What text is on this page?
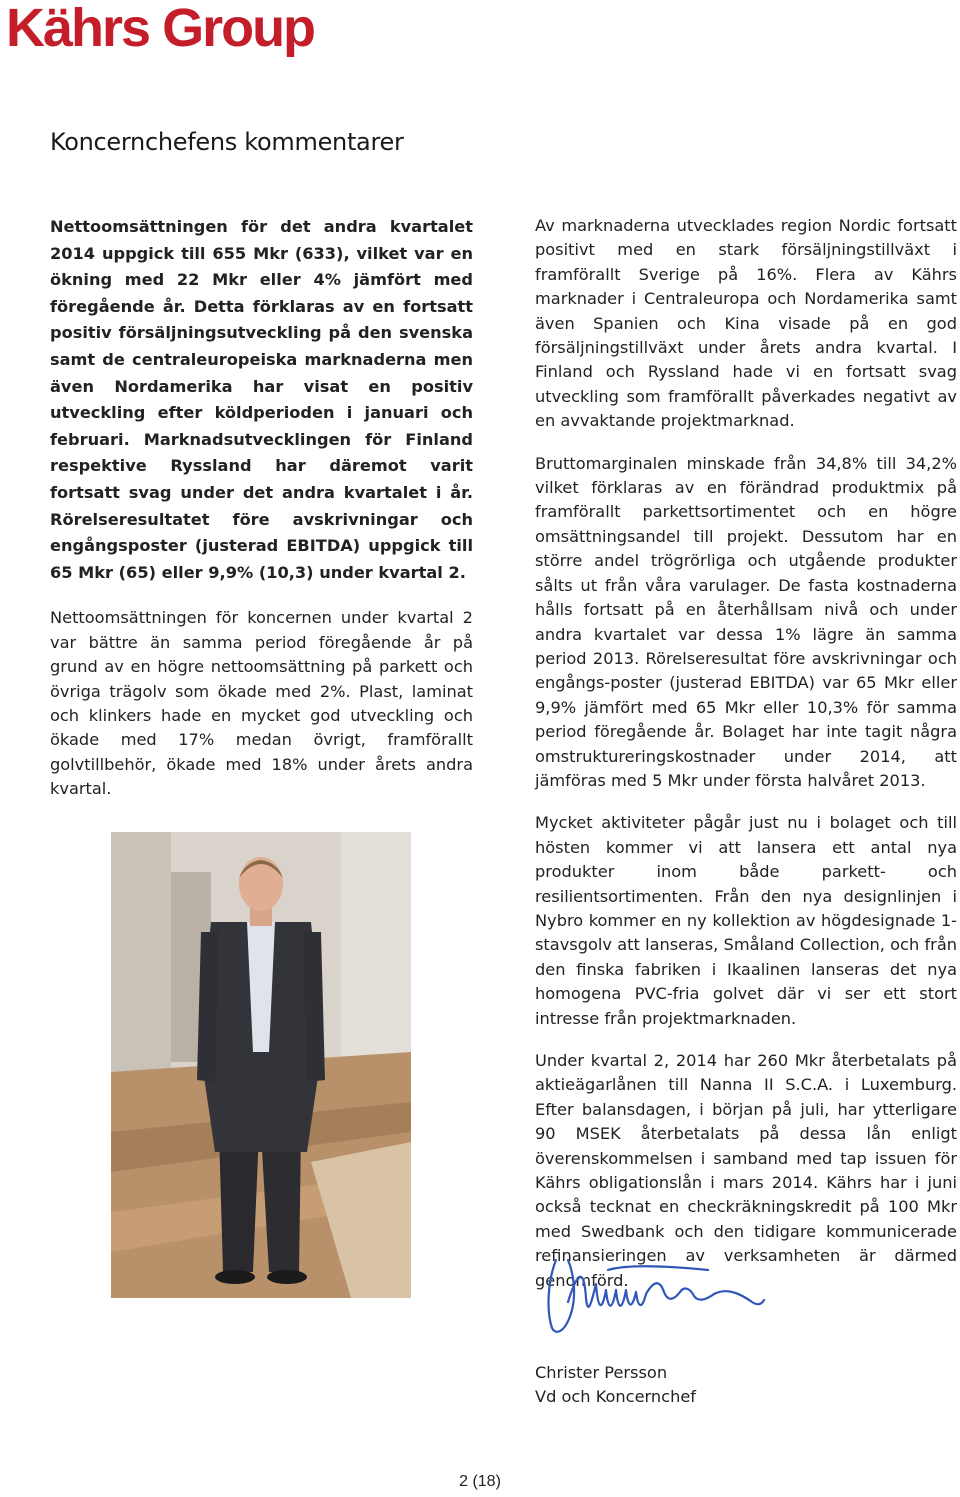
Kährs Group
Koncernchefens kommentarer

Nettoomsättningen för det andra kvartalet 2014 uppgick till 655 Mkr (633), vilket var en ökning med 22 Mkr eller 4% jämfört med föregående år. Detta förklaras av en fortsatt positiv försäljningsutveckling på den svenska samt de centraleuropeiska marknaderna men även Nordamerika har visat en positiv utveckling efter köldperioden i januari och februari. Marknadsutvecklingen för Finland respektive Ryssland har däremot varit fortsatt svag under det andra kvartalet i år. Rörelseresultatet före avskrivningar och engångsposter (justerad EBITDA) uppgick till 65 Mkr (65) eller 9,9% (10,3) under kvartal 2.

Nettoomsättningen för koncernen under kvartal 2 var bättre än samma period föregående år på grund av en högre nettoomsättning på parkett och övriga trägolv som ökade med 2%. Plast, laminat och klinkers hade en mycket god utveckling och ökade med 17% medan övrigt, framförallt golvtillbehör, ökade med 18% under årets andra kvartal.

Av marknaderna utvecklades region Nordic fortsatt positivt med en stark försäljningstillväxt i framförallt Sverige på 16%. Flera av Kährs marknader i Centraleuropa och Nordamerika samt även Spanien och Kina visade på en god försäljningstillväxt under årets andra kvartal. I Finland och Ryssland hade vi en fortsatt svag utveckling som framförallt påverkades negativt av en avvaktande projektmarknad.

Bruttomarginalen minskade från 34,8% till 34,2% vilket förklaras av en förändrad produktmix på framförallt parkettsortimentet och en högre omsättningsandel till projekt. Dessutom har en större andel trögrörliga och utgående produkter sålts ut från våra varulager. De fasta kostnaderna hålls fortsatt på en återhållsam nivå och under andra kvartalet var dessa 1% lägre än samma period 2013. Rörelseresultat före avskrivningar och engångs-poster (justerad EBITDA) var 65 Mkr eller 9,9% jämfört med 65 Mkr eller 10,3% för samma period föregående år. Bolaget har inte tagit några omstruktureringskostnader under 2014, att jämföras med 5 Mkr under första halvåret 2013.

Mycket aktiviteter pågår just nu i bolaget och till hösten kommer vi att lansera ett antal nya produkter inom både parkett- och resilientsortimenten. Från den nya designlinjen i Nybro kommer en ny kollektion av högdesignade 1-stavsgolv att lanseras, Småland Collection, och från den finska fabriken i Ikaalinen lanseras det nya homogena PVC-fria golvet där vi ser ett stort intresse från projektmarknaden.

Under kvartal 2, 2014 har 260 Mkr återbetalats på aktieägarlånen till Nanna II S.C.A. i Luxemburg. Efter balansdagen, i början på juli, har ytterligare 90 MSEK återbetalats på dessa lån enligt överenskommelsen i samband med tap issuen för Kährs obligationslån i mars 2014. Kährs har i juni också tecknat en checkräkningskredit på 100 Mkr med Swedbank och den tidigare kommunicerade refinansieringen av verksamheten är därmed genomförd.

Christer Persson
Vd och Koncernchef
2 (18)
